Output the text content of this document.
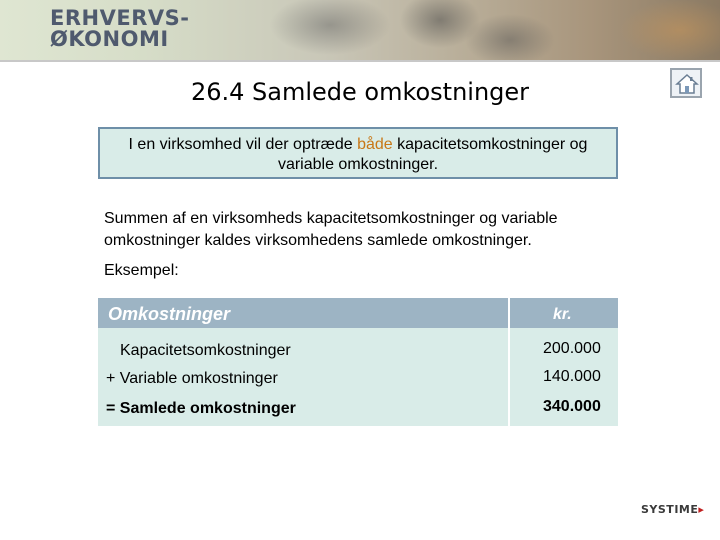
ERHVERVS-
ØKONOMI
26.4 Samlede omkostninger
I en virksomhed vil der optræde både kapacitetsomkostninger og variable omkostninger.
Summen af en virksomheds kapacitetsomkostninger og variable omkostninger kaldes virksomhedens samlede omkostninger.
Eksempel:
Omkostninger	kr.
Kapacitetsomkostninger	200.000
+ Variable omkostninger	140.000
= Samlede omkostninger	340.000
SYSTIME▸
